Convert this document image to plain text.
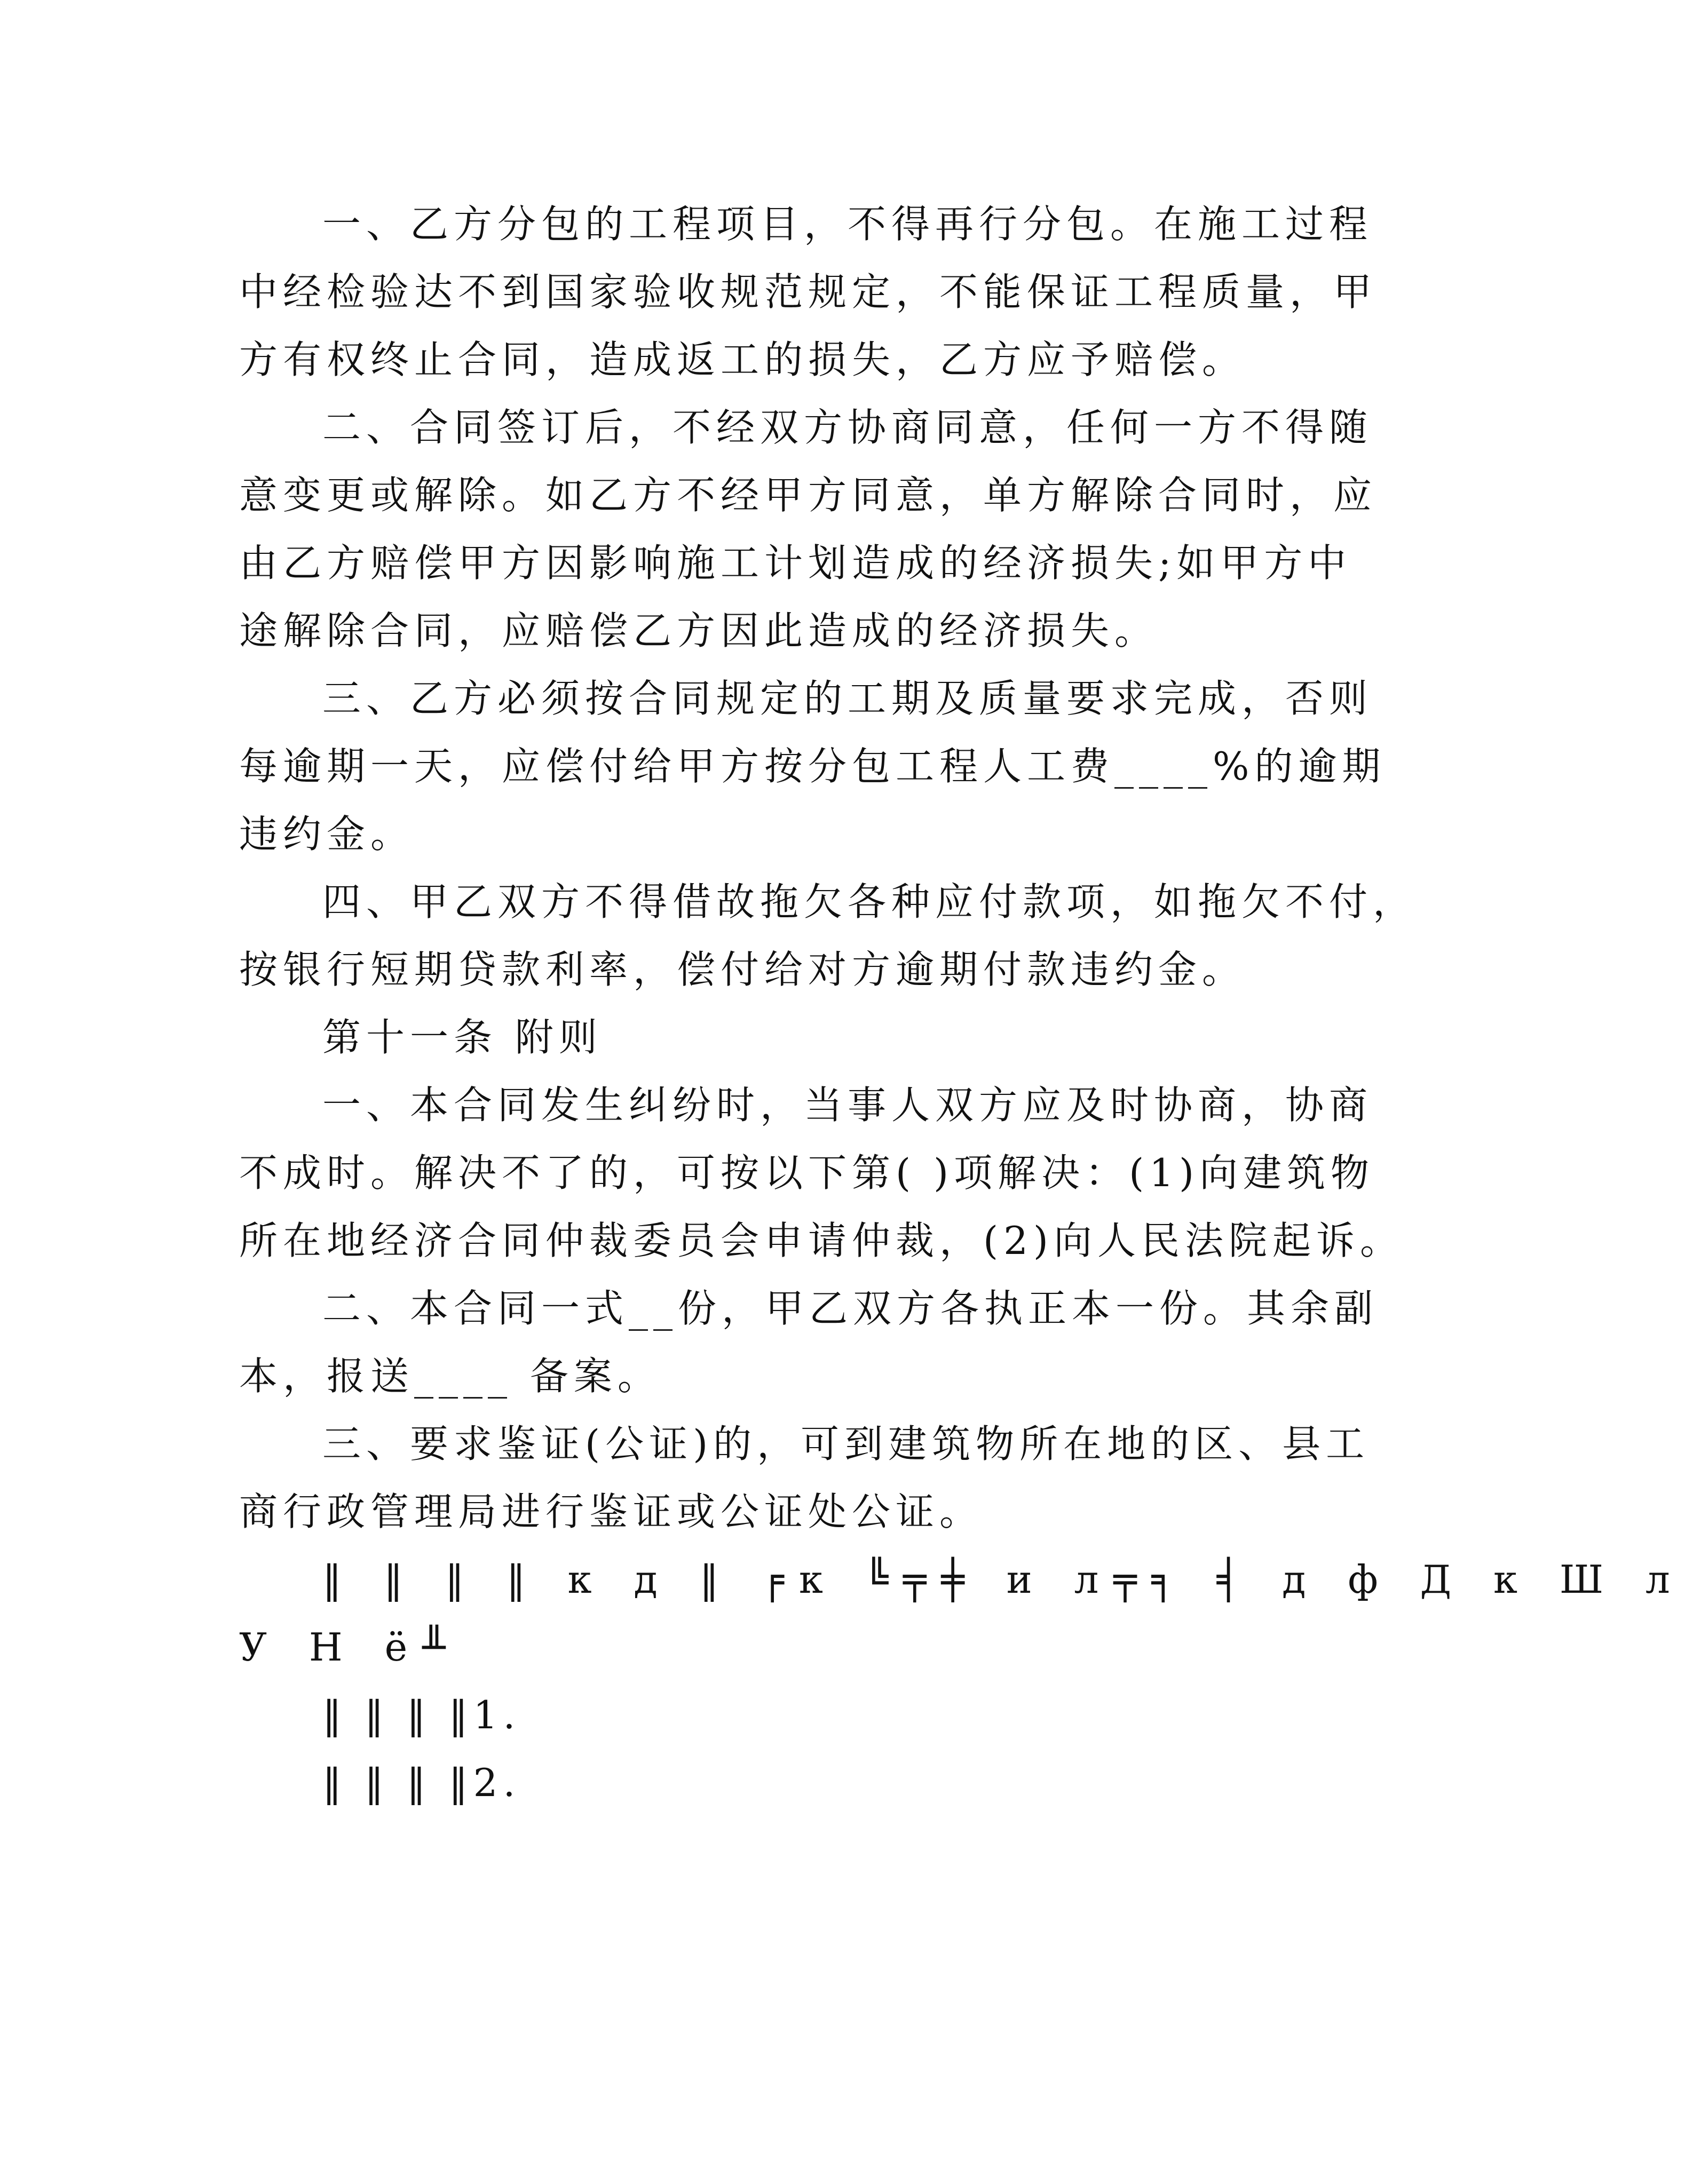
一、乙方分包的工程项目，不得再行分包。在施工过程
中经检验达不到国家验收规范规定，不能保证工程质量，甲
方有权终止合同，造成返工的损失，乙方应予赔偿。
二、合同签订后，不经双方协商同意，任何一方不得随
意变更或解除。如乙方不经甲方同意，单方解除合同时，应
由乙方赔偿甲方因影响施工计划造成的经济损失;如甲方中
途解除合同，应赔偿乙方因此造成的经济损失。
三、乙方必须按合同规定的工期及质量要求完成，否则
每逾期一天，应偿付给甲方按分包工程人工费____%的逾期
违约金。
四、甲乙双方不得借故拖欠各种应付款项，如拖欠不付，
按银行短期贷款利率，偿付给对方逾期付款违约金。
第十一条 附则
一、本合同发生纠纷时，当事人双方应及时协商，协商
不成时。解决不了的，可按以下第( )项解决：(1)向建筑物
所在地经济合同仲裁委员会申请仲裁，(2)向人民法院起诉。
二、本合同一式__份，甲乙双方各执正本一份。其余副
本，报送____ 备案。
三、要求鉴证(公证)的，可到建筑物所在地的区、县工
商行政管理局进行鉴证或公证处公证。
‖ ‖ ‖ ‖ к д ‖ ╒к ╚╤╪ и л╤╕ ╡ д ф Д к Ш л
У Н ё╨
‖ ‖ ‖ ‖1.
‖ ‖ ‖ ‖2.
